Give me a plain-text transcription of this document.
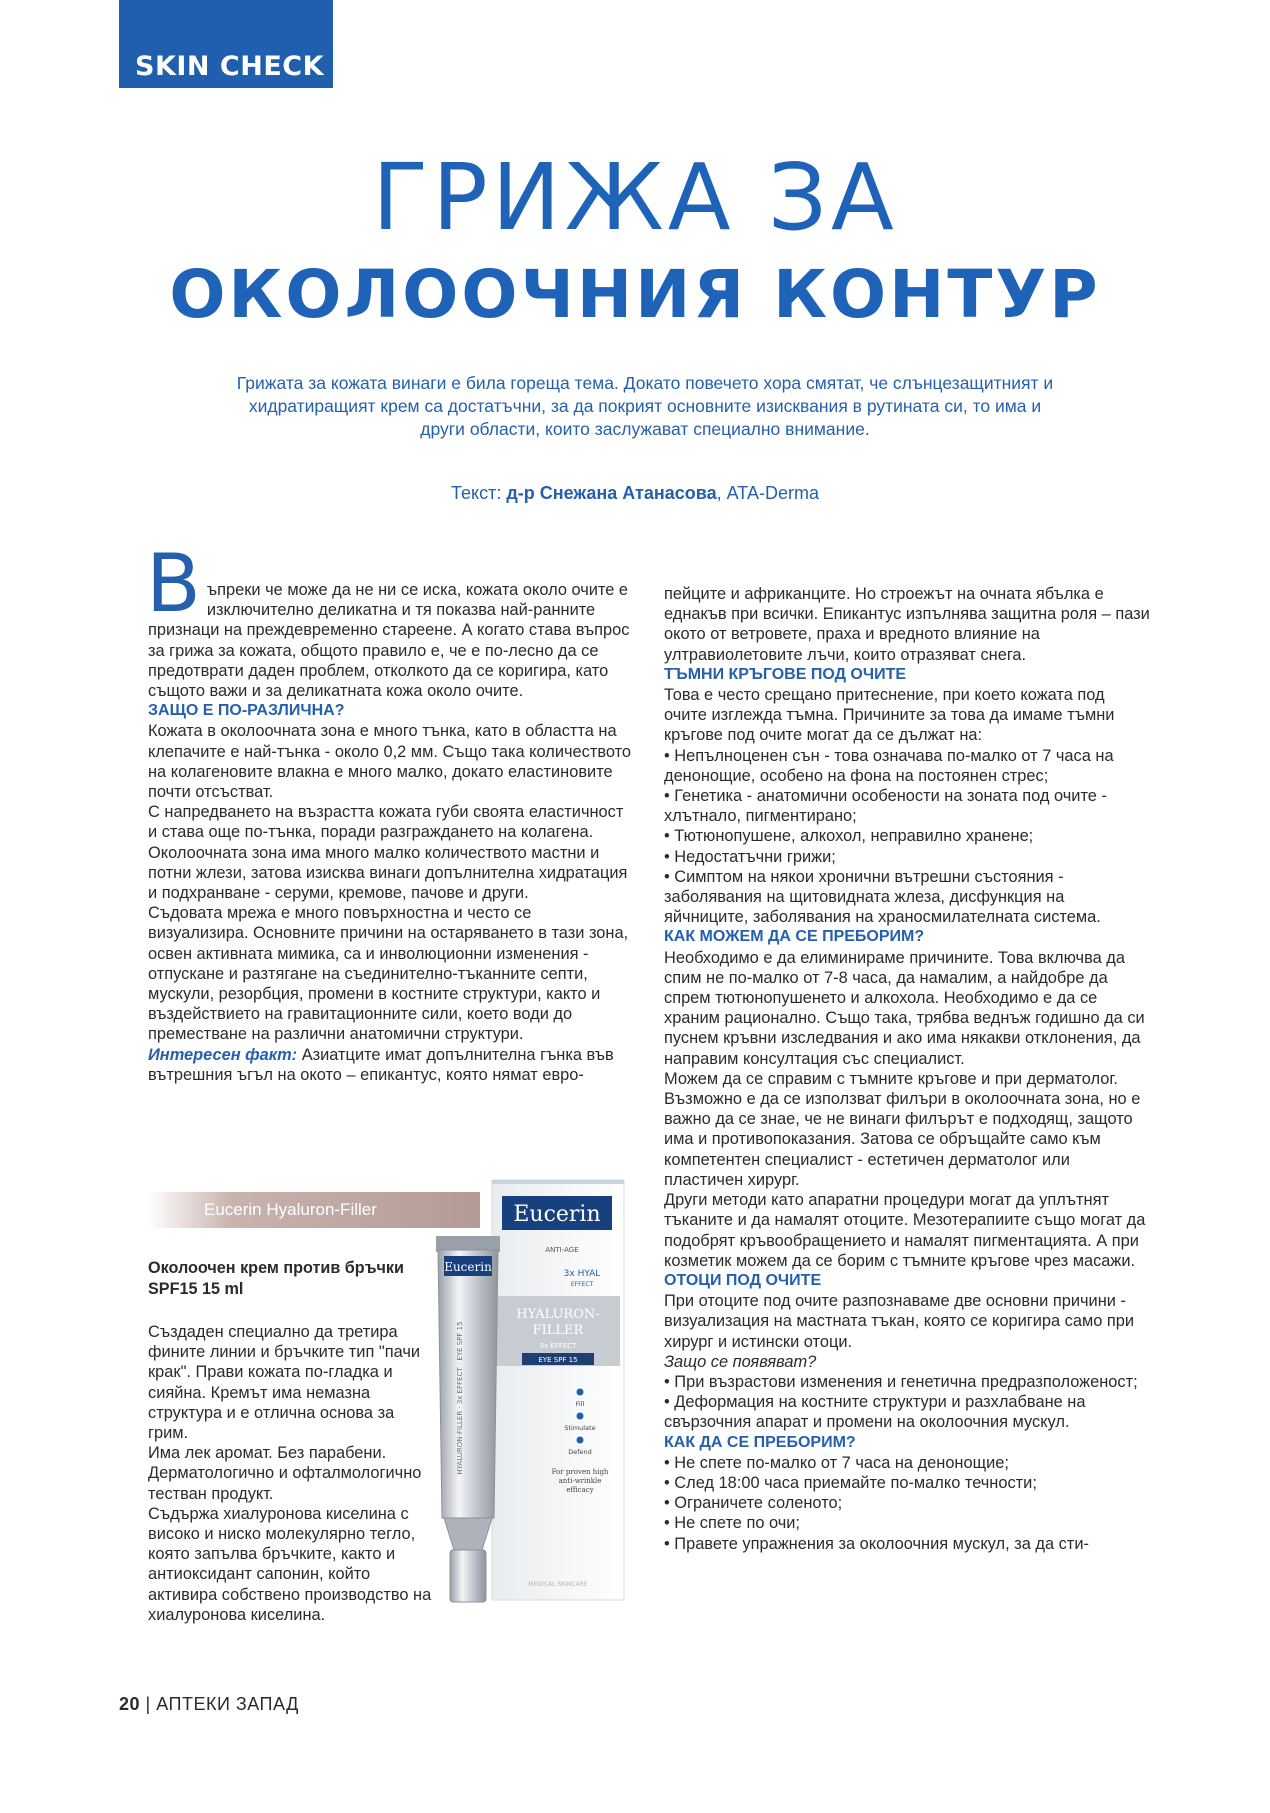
SKIN CHECK
ГРИЖА ЗА
ОКОЛООЧНИЯ КОНТУР
Грижата за кожата винаги е била гореща тема. Докато повечето хора смятат, че слънцезащитният и хидратиращият крем са достатъчни, за да покрият основните изисквания в рутината си, то има и други области, които заслужават специално внимание.
Текст: д-р Снежана Атанасова, ATA-Derma

В ъпреки че може да не ни се иска, кожата около очите е изключително деликатна и тя показва най-ранните признаци на преждевременно стареене. А когато става въпрос за грижа за кожата, общото правило е, че е по-лесно да се предотврати даден проблем, отколкото да се коригира, като същото важи и за деликатната кожа около очите.

ЗАЩО Е ПО-РАЗЛИЧНА?

Кожата в околоочната зона е много тънка, като в областта на клепачите е най-тънка - около 0,2 мм. Също така количеството на колагеновите влакна е много малко, докато еластиновите почти отсъстват.

С напредването на възрастта кожата губи своята еластичност и става още по-тънка, поради разграждането на колагена.

Околоочната зона има много малко количеството мастни и потни жлези, затова изисква винаги допълнителна хидратация и подхранване - серуми, кремове, пачове и други.

Съдовата мрежа е много повърхностна и често се визуализира. Основните причини на остаряването в тази зона, освен активната мимика, са и инволюционни изменения - отпускане и разтягане на съединително-тъканните септи, мускули, резорбция, промени в костните структури, както и въздействието на гравитационните сили, което води до преместване на различни анатомични структури.

Интересен факт: Азиатците имат допълнителна гънка във вътрешния ъгъл на окото – епикантус, която нямат евро-

Eucerin Hyaluron-Filler
Околоочен крем против бръчки SPF15 15 ml

Създаден специално да третира фините линии и бръчките тип "пачи крак". Прави кожата по-гладка и сияйна. Кремът има немазна структура и е отлична основа за грим.

Има лек аромат. Без парабени. Дерматологично и офталмологично тестван продукт.

Съдържа хиалуронова киселина с високо и ниско молекулярно тегло, която запълва бръчките, както и антиоксидант сапонин, който активира собствено производство на хиалуронова киселина.

Eucerin
ANTI-AGE
3x HYAL
EFFECT
HYALURON-
FILLER
3x EFFECT
EYE SPF 15
Fill
Stimulate
Defend
For proven high anti-wrinkle efficacy
MEDICAL SKINCARE
Eucerin
HYALURON-FILLER · 3x EFFECT · EYE SPF 15

пейците и африканците. Но строежът на очната ябълка е еднакъв при всички. Епикантус изпълнява защитна роля – пази окото от ветровете, праха и вредното влияние на ултравиолетовите лъчи, които отразяват снега.

ТЪМНИ КРЪГОВЕ ПОД ОЧИТЕ

Това е често срещано притеснение, при което кожата под очите изглежда тъмна. Причините за това да имаме тъмни кръгове под очите могат да се дължат на:

• Непълноценен сън - това означава по-малко от 7 часа на денонощие, особено на фона на постоянен стрес;

• Генетика - анатомични особености на зоната под очите - хлътнало, пигментирано;

• Тютюнопушене, алкохол, неправилно хранене;

• Недостатъчни грижи;

• Симптом на някои хронични вътрешни състояния - заболявания на щитовидната жлеза, дисфункция на яйчниците, заболявания на храносмилателната система.

КАК МОЖЕМ ДА СЕ ПРЕБОРИМ?

Необходимо е да елиминираме причините. Това включва да спим не по-малко от 7-8 часа, да намалим, а найдобре да спрем тютюнопушенето и алкохола. Необходимо е да се храним рационално. Също така, трябва веднъж годишно да си пуснем кръвни изследвания и ако има някакви отклонения, да направим консултация със специалист.

Можем да се справим с тъмните кръгове и при дерматолог. Възможно е да се използват филъри в околоочната зона, но е важно да се знае, че не винаги филърът е подходящ, защото има и противопоказания. Затова се обръщайте само към компетентен специалист - естетичен дерматолог или пластичен хирург.

Други методи като апаратни процедури могат да уплътнят тъканите и да намалят отоците. Мезотерапиите също могат да подобрят кръвообращението и намалят пигментацията. А при козметик можем да се борим с тъмните кръгове чрез масажи.

ОТОЦИ ПОД ОЧИТЕ

При отоците под очите разпознаваме две основни причини - визуализация на мастната тъкан, която се коригира само при хирург и истински отоци.

Защо се появяват?

• При възрастови изменения и генетична предразположеност;

• Деформация на костните структури и разхлабване на свързочния апарат и промени на околоочния мускул.

КАК ДА СЕ ПРЕБОРИМ?

• Не спете по-малко от 7 часа на денонощие;

• След 18:00 часа приемайте по-малко течности;

• Ограничете соленото;

• Не спете по очи;

• Правете упражнения за околоочния мускул, за да сти-

20 | АПТЕКИ ЗАПАД
